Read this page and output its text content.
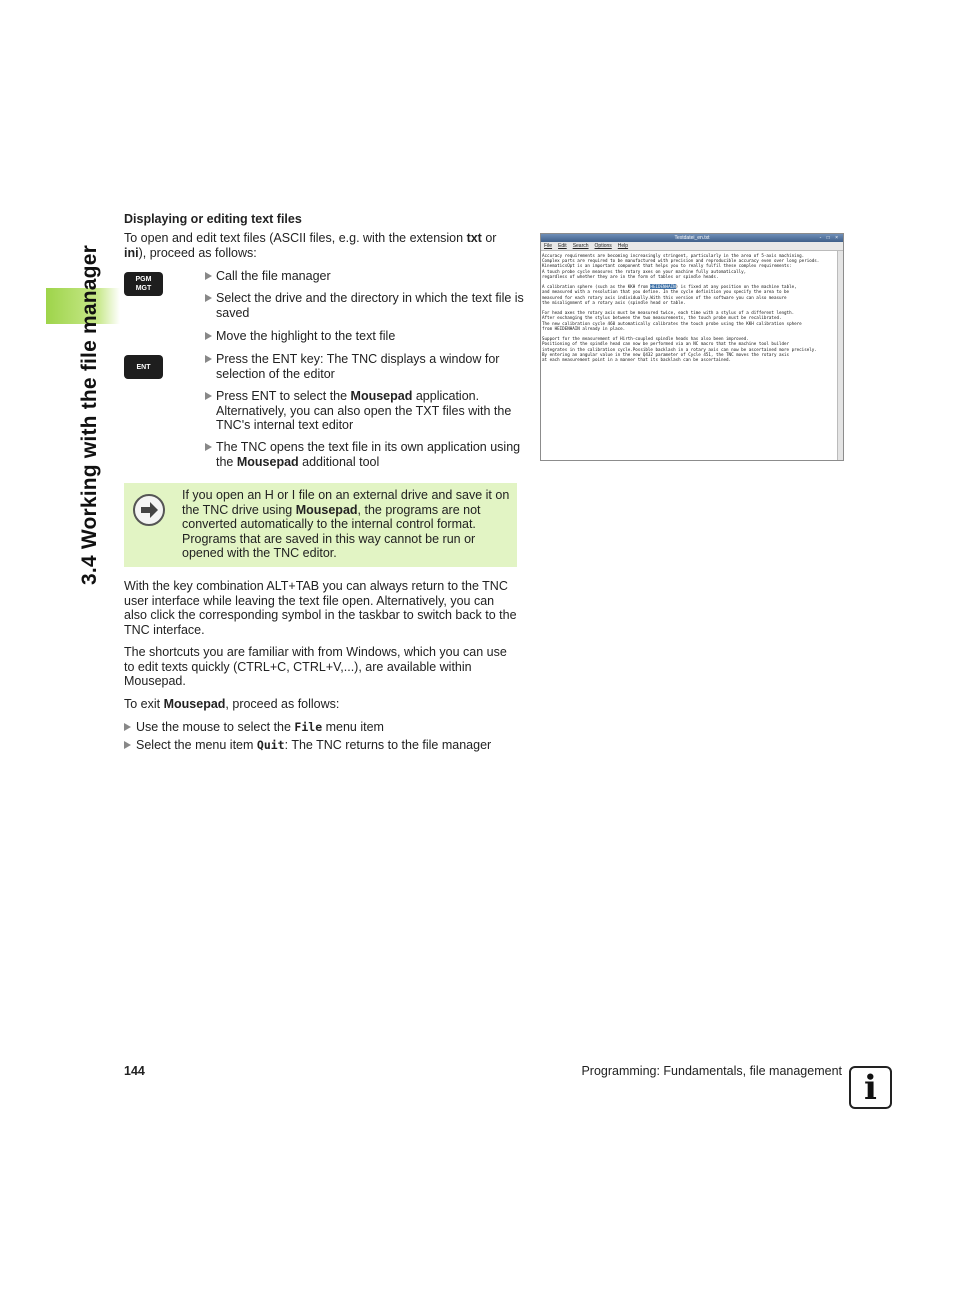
3.4 Working with the file manager
Displaying or editing text files
To open and edit text files (ASCII files, e.g. with the extension txt or ini), proceed as follows:
PGM
MGT
ENT
Call the file manager
Select the drive and the directory in which the text file is saved
Move the highlight to the text file
Press the ENT key: The TNC displays a window for selection of the editor
Press ENT to select the Mousepad application. Alternatively, you can also open the TXT files with the TNC's internal text editor
The TNC opens the text file in its own application using the Mousepad additional tool
If you open an H or I file on an external drive and save it on the TNC drive using Mousepad, the programs are not converted automatically to the internal control format. Programs that are saved in this way cannot be run or opened with the TNC editor.
With the key combination ALT+TAB you can always return to the TNC user interface while leaving the text file open. Alternatively, you can also click the corresponding symbol in the taskbar to switch back to the TNC interface.
The shortcuts you are familiar with from Windows, which you can use to edit texts quickly (CTRL+C, CTRL+V,...), are available within Mousepad.
To exit Mousepad, proceed as follows:
Use the mouse to select the File menu item
Select the menu item Quit: The TNC returns to the file manager
Textdatei_en.txt	- □ ×
File Edit Search Options Help
Accuracy requirements are becoming increasingly stringent, particularly in the area of 5-axis machining.
Complex parts are required to be manufactured with precision and reproducible accuracy even over long periods.
KinematicsOpt is an important component that helps you to really fulfil these complex requirements:
A touch probe cycle measures the rotary axes on your machine fully automatically,
regardless of whether they are in the form of tables or spindle heads.

A calibration sphere (such as the KKH from HEIDENHAIN) is fixed at any position on the machine table,
and measured with a resolution that you define. In the cycle definition you specify the area to be
measured for each rotary axis individually.With this version of the software you can also measure
the misalignment of a rotary axis (spindle head or table.

For head axes the rotary axis must be measured twice, each time with a stylus of a different length.
After exchanging the stylus between the two measurements, the touch probe must be recalibrated.
The new calibration cycle 460 automatically calibrates the touch probe using the KKH calibration sphere
from HEIDENHAIN already in place.

Support for the measurement of Hirth-coupled spindle heads has also been improved.
Positioning of the spindle head can now be performed via an NC macro that the machine tool builder
integrates in the calibration cycle.Possible backlash in a rotary axis can now be ascertained more precisely.
By entering an angular value in the new Q432 parameter of Cycle 451, the TNC moves the rotary axis
at each measurement point in a manner that its backlash can be ascertained.
144	Programming: Fundamentals, file management i
